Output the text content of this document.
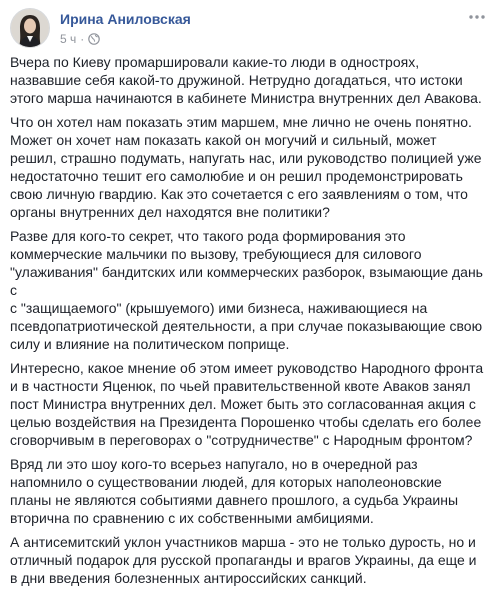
Ирина Аниловская
5 ч ·

Вчера по Киеву промаршировали какие-то люди в одностроях,
назвавшие себя какой-то дружиной. Нетрудно догадаться, что истоки
этого марша начинаются в кабинете Министра внутренних дел Авакова.

Что он хотел нам показать этим маршем, мне лично не очень понятно.
Может он хочет нам показать какой он могучий и сильный, может
решил, страшно подумать, напугать нас, или руководство полицией уже
недостаточно тешит его самолюбие и он решил продемонстрировать
свою личную гвардию. Как это сочетается с его заявлениям о том, что
органы внутренних дел находятся вне политики?

Разве для кого-то секрет, что такого рода формирования это
коммерческие мальчики по вызову, требующиеся для силового
"улаживания" бандитских или коммерческих разборок, взымающие дань с
с "защищаемого" (крышуемого) ими бизнеса, наживающиеся на
псевдопатриотической деятельности, а при случае показывающие свою
силу и влияние на политическом поприще.

Интересно, какое мнение об этом имеет руководство Народного фронта
и в частности Яценюк, по чьей правительственной квоте Аваков занял
пост Министра внутренних дел. Может быть это согласованная акция с
целью воздействия на Президента Порошенко чтобы сделать его более
сговорчивым в переговорах о "сотрудничестве" с Народным фронтом?

Вряд ли это шоу кого-то всерьез напугало, но в очередной раз
напомнило о существовании людей, для которых наполеоновские
планы не являются событиями давнего прошлого, а судьба Украины
вторична по сравнению с их собственными амбициями.

А антисемитский уклон участников марша - это не только дурость, но и
отличный подарок для русской пропаганды и врагов Украины, да еще и
в дни введения болезненных антироссийских санкций.
